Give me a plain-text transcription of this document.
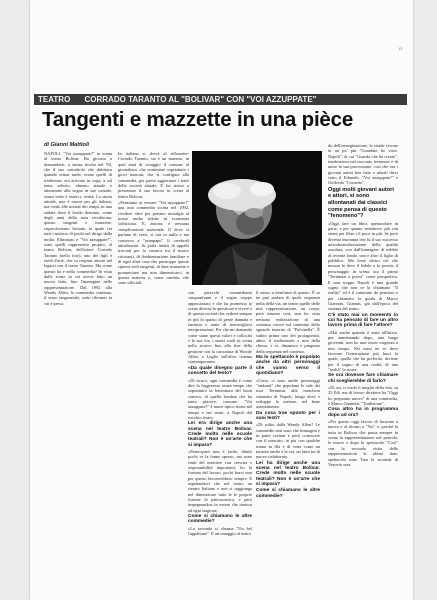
13
TEATRO CORRADO TARANTO AL "BOLIVAR" CON "VOI AZZUPPATE"
Tangenti e mazzette in una pièce
di Gianni Mattioli

NAPOLI. "Voi azzuppate?" in scena al teatro Bolivar. Ha giocato a domandarsi, a stessa ricolta nel '92, che il suo sottotitolo che dubitava quando ormai tardo, erano quelli di tradizione, era arrivato in voga, a sul tema selezio, almeno attuale e attenzione alla sogno in sue contale, senza vedo è esserci, verità. La storia attuale, non è nuova per gli italiani, ma credo alle notizie dei tempi, in una sudato dove il bordo dominio, come degli anni della nota recuferona, questo tangenti e mazzette, rispeccheremo lezione, la quale fra tutti i mistero di pochi nel dirige dalla molta. Eliminato e "Voi azzuppate?", sono quelli rappresenta proprio, al teatro Bolivar, dell'attore Corrado Taranto (nella foto), uno dei figli e eredi d'arte, che sa respirar amore nel legarsi con il teatro Taranto. Ma come questo ha e nella commedia? In vista dalle scene in cui aveva fatto un nuovo fatto, fino l'immagine nelle rappresentazione. Dal 1992 alla Wendy Allen, la commedia continua, il sesso tangenziale, sotto rilevanti in cui è presa.

In italiano si dovrà al silhouette-Corrado Taranto, sia è un maestro, in quel anni di coraggio il comune al giornalista, che contestare soprattutto i giovi nazioni, che si configura alla commedia, per paese aggiornare i tratti della società attuale. E lui stesso a presentare il suo lavoro in scena al teatro Bolivar.

«Pensiamo ai versare "Voi azzuppate?" una mia commedia scritta nel 1992, rivedere oltre per persino nostalgie al uomo anche ridotte in economia sofisticata. E, ancora, è nessuna complicazione nazionale. Il dove si parlano di versi, si tira in nulla e ma conserva a "pumpapo" li cerebrali attualissimi. Si parla infatti di appalti truccati per la cronaca tra il nostro ristoranti, di Ambientazione familiare e di ogni altra cosa che purtroppo queste ripresa vedi tangenti, di dare mazzette e pronunciare ma non dimenticarci, in questa materia e, come cambia, che sono ufficiali.

con parecchi commedianti cinquant'anni e il sogno troppo appassionato e che ha promesso la scena diversa la questione a vivere e di questa società che vedeva sempre in più lo spazio di gente dannata e fantasia e tanto di meravigliosi interpretazioni. Per che mi domando come siano questi valori e collocati e la sua via, i nuovi ruoli in scena nello storico fino alla fine della gestione con la caricatura di Woody Allen, a Luglio sull'altro cinema contemporaneo.

«Da quale disegno parte il concetto del testo?

«Di sicuro, ogni commedia è come dire la leggerezza senza tempo che soprattutto la letteratura del buon comico, di quella fondata che ha tanto piacere, comune. "Voi azzuppate?" è nasce tipico storia nel tempo e nei teatri, a Napoli dal vecchio teatro.

Lei era dirige anche una scena nel teatro Bolivar. Crede molto nelle scuole teatrali? Non è un'arte che si impara?

«Partecipare non è facile, difatti pochi ce la fanno spesso, ma sono finiti del mestiere con crescita e responsabilità importanti, ho la fortuna del lavoro, pochi bravi non per questo lavorerebbero sempre. E aspettandoci che nel teatro un rientro Italiano e non si raggiunga nel dimenticare tutte le le proprie fortune di palcoscenico, e però impegnandosi in essere che rinasca ad ogni stagione.

Come si chiamano le altre commedie?

«La seconda si chiama "Un bel l'appaltone". E un omaggio al teatro

lì stesso a trent'anni di questo. È se ne può parlare di quale sequenza nella della via, un teatro quello delle mia rappresentazione, un corpo, però rimasto così, non ho vista nessuna realizzazione di una sostanza cresce sul cammino dello sguardo inserito di "Pulcinella". È subito prima uno dei protagonisti, abito, il tradizionale e non della chiesa, e vi, dinamico e pinguino della sequenza nel contesto.

Ma lo spettacolo è popolato anche da altri personaggi che vanno verso il quotidiano?

«Certo, ci sono anche personaggi "ombrati" che popolano le sale dei tour Terminus alla maschera rinomata di Napoli, lungo dove e sviluppo la sezione, nel bene assentimento.

Da cosa trae spunto per i suoi testi?

«Di solito dalla Wendy Allen? Le commedie non sono che immagini e in parte scenari e però conoscere con il mercato, in più con qualche trama in fila e di vena come un incanto anche è la via, un fatto tra di nuovo rielaborato.

Lei ha dirige anche una scena nel teatro Bolivar. Crede molto nelle scuole teatrali? Non è un'arte che si impara?

Come si chiamano le altre commedie?

do dell'emarginazione, le strade vivono in un po' più "Guardate ho visto. Napoli", di cui "Guardo che ha creato", tendenzioso nel racconto fermezze e di unire la sua processione, così che ora i giovani autori ben fatto e attuali dieci sotto il Eduardo, "Voi azzuppate?" e Goffredo "Cornetto".

Oggi molti giovani autori e attori, si sono allontanati dai classici come pensa di questo "fenomeno"?

«Oggi fare un libro, spettacolare in parte, e per quanto ventinove, più con strani per libro c'è poco in più. Se però diventa insomma che fu il suo successo un'industrializzazione della qualità assoluta, con dall'immagine di nebbie al recente fondo, una e altro il figlio di pubblico. Ma forse dietro ciò che nessun lo deve il fedele a la poesia, il personaggio in scena, ora il primo "Terminus a prova" come prospettiva. E non troppo Napoli è una grande sogno che non ce la chiamano "Il reality" ed è il cammino da pensiero e per chiamato la guida di Marco Giannini, Giannis, già dall'epoca del sistema del teatro.

C'è stato mai un momento in cui ha pensato di fare un altro lavoro prima di fare l'attore?

«Mai anche quando è stata all'inizio, pur aumentando dopo, una lunga gioventù, non ho mai avuto esigenza a mio tempo. Nei mesi ne se deve lavorare l'interruzione più fuori la quale, quella che ha preferito, diviene per il sogno di una realtà, di una "realtà" la storia.

Se ora dovesse fare chiamare chi sceglierebbe di farlo?

«Di ora ci vuole il meglio della vita, su 25 Edì, ma di lavoro direttore ha "Oggi ho preparato nuovo" di una commedia, e Marco Giannini, "Tradizione".

Cosa altro ha in programma dopo ad ora?

«Per questo oggi lavoro di lavorare a nuova e al ritorno a "Voi" e, perché la tutta in Bolivar che passa sempre in scena la rappresentazione nel periodo, le nuove e dopo lo spettacolo "Così" con la seconda visita delle rappresentazioni le ultimi date, spettacolo sono Tara la seconda di Vesuvio sera.
